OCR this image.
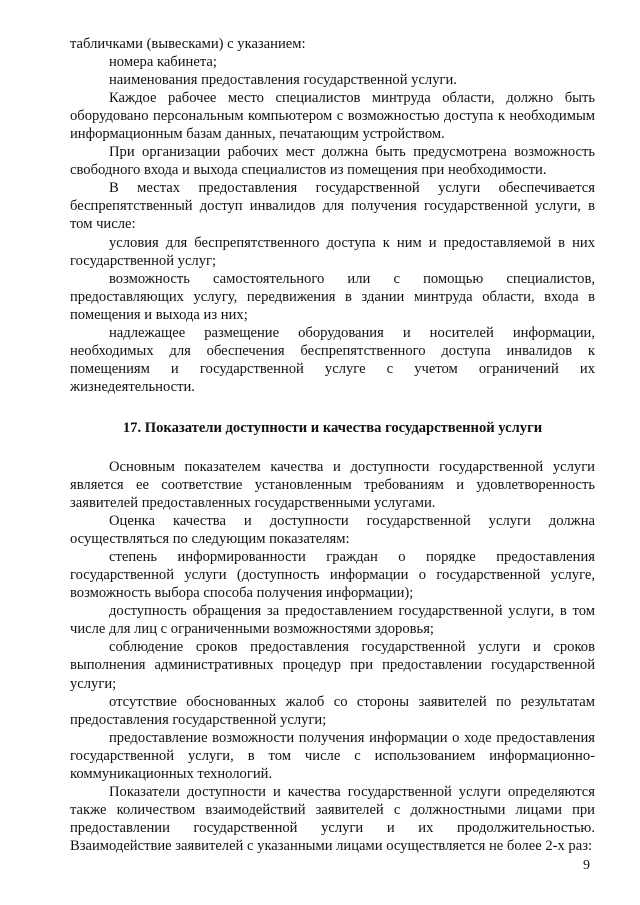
табличками (вывесками) с указанием:

номера кабинета;

наименования предоставления государственной услуги.

Каждое рабочее место специалистов минтруда области, должно быть оборудовано персональным компьютером с возможностью доступа к необходимым информационным базам данных, печатающим устройством.

При организации рабочих мест должна быть предусмотрена возможность свободного входа и выхода специалистов из помещения при необходимости.

В местах предоставления государственной услуги обеспечивается беспрепятственный доступ инвалидов для получения государственной услуги, в том числе:

условия для беспрепятственного доступа к ним и предоставляемой в них государственной услуг;

возможность самостоятельного или с помощью специалистов, предоставляющих услугу, передвижения в здании минтруда области, входа в помещения и выхода из них;

надлежащее размещение оборудования и носителей информации, необходимых для обеспечения беспрепятственного доступа инвалидов к помещениям и государственной услуге с учетом ограничений их жизнедеятельности.

17. Показатели доступности и качества государственной услуги

Основным показателем качества и доступности государственной услуги является ее соответствие установленным требованиям и удовлетворенность заявителей предоставленных государственными услугами.

Оценка качества и доступности государственной услуги должна осуществляться по следующим показателям:

степень информированности граждан о порядке предоставления государственной услуги (доступность информации о государственной услуге, возможность выбора способа получения информации);

доступность обращения за предоставлением государственной услуги, в том числе для лиц с ограниченными возможностями здоровья;

соблюдение сроков предоставления государственной услуги и сроков выполнения административных процедур при предоставлении государственной услуги;

отсутствие обоснованных жалоб со стороны заявителей по результатам предоставления государственной услуги;

предоставление возможности получения информации о ходе предоставления государственной услуги, в том числе с использованием информационно-коммуникационных технологий.

Показатели доступности и качества государственной услуги определяются также количеством взаимодействий заявителей с должностными лицами при предоставлении государственной услуги и их продолжительностью. Взаимодействие заявителей с указанными лицами осуществляется не более 2-х раз:

9
